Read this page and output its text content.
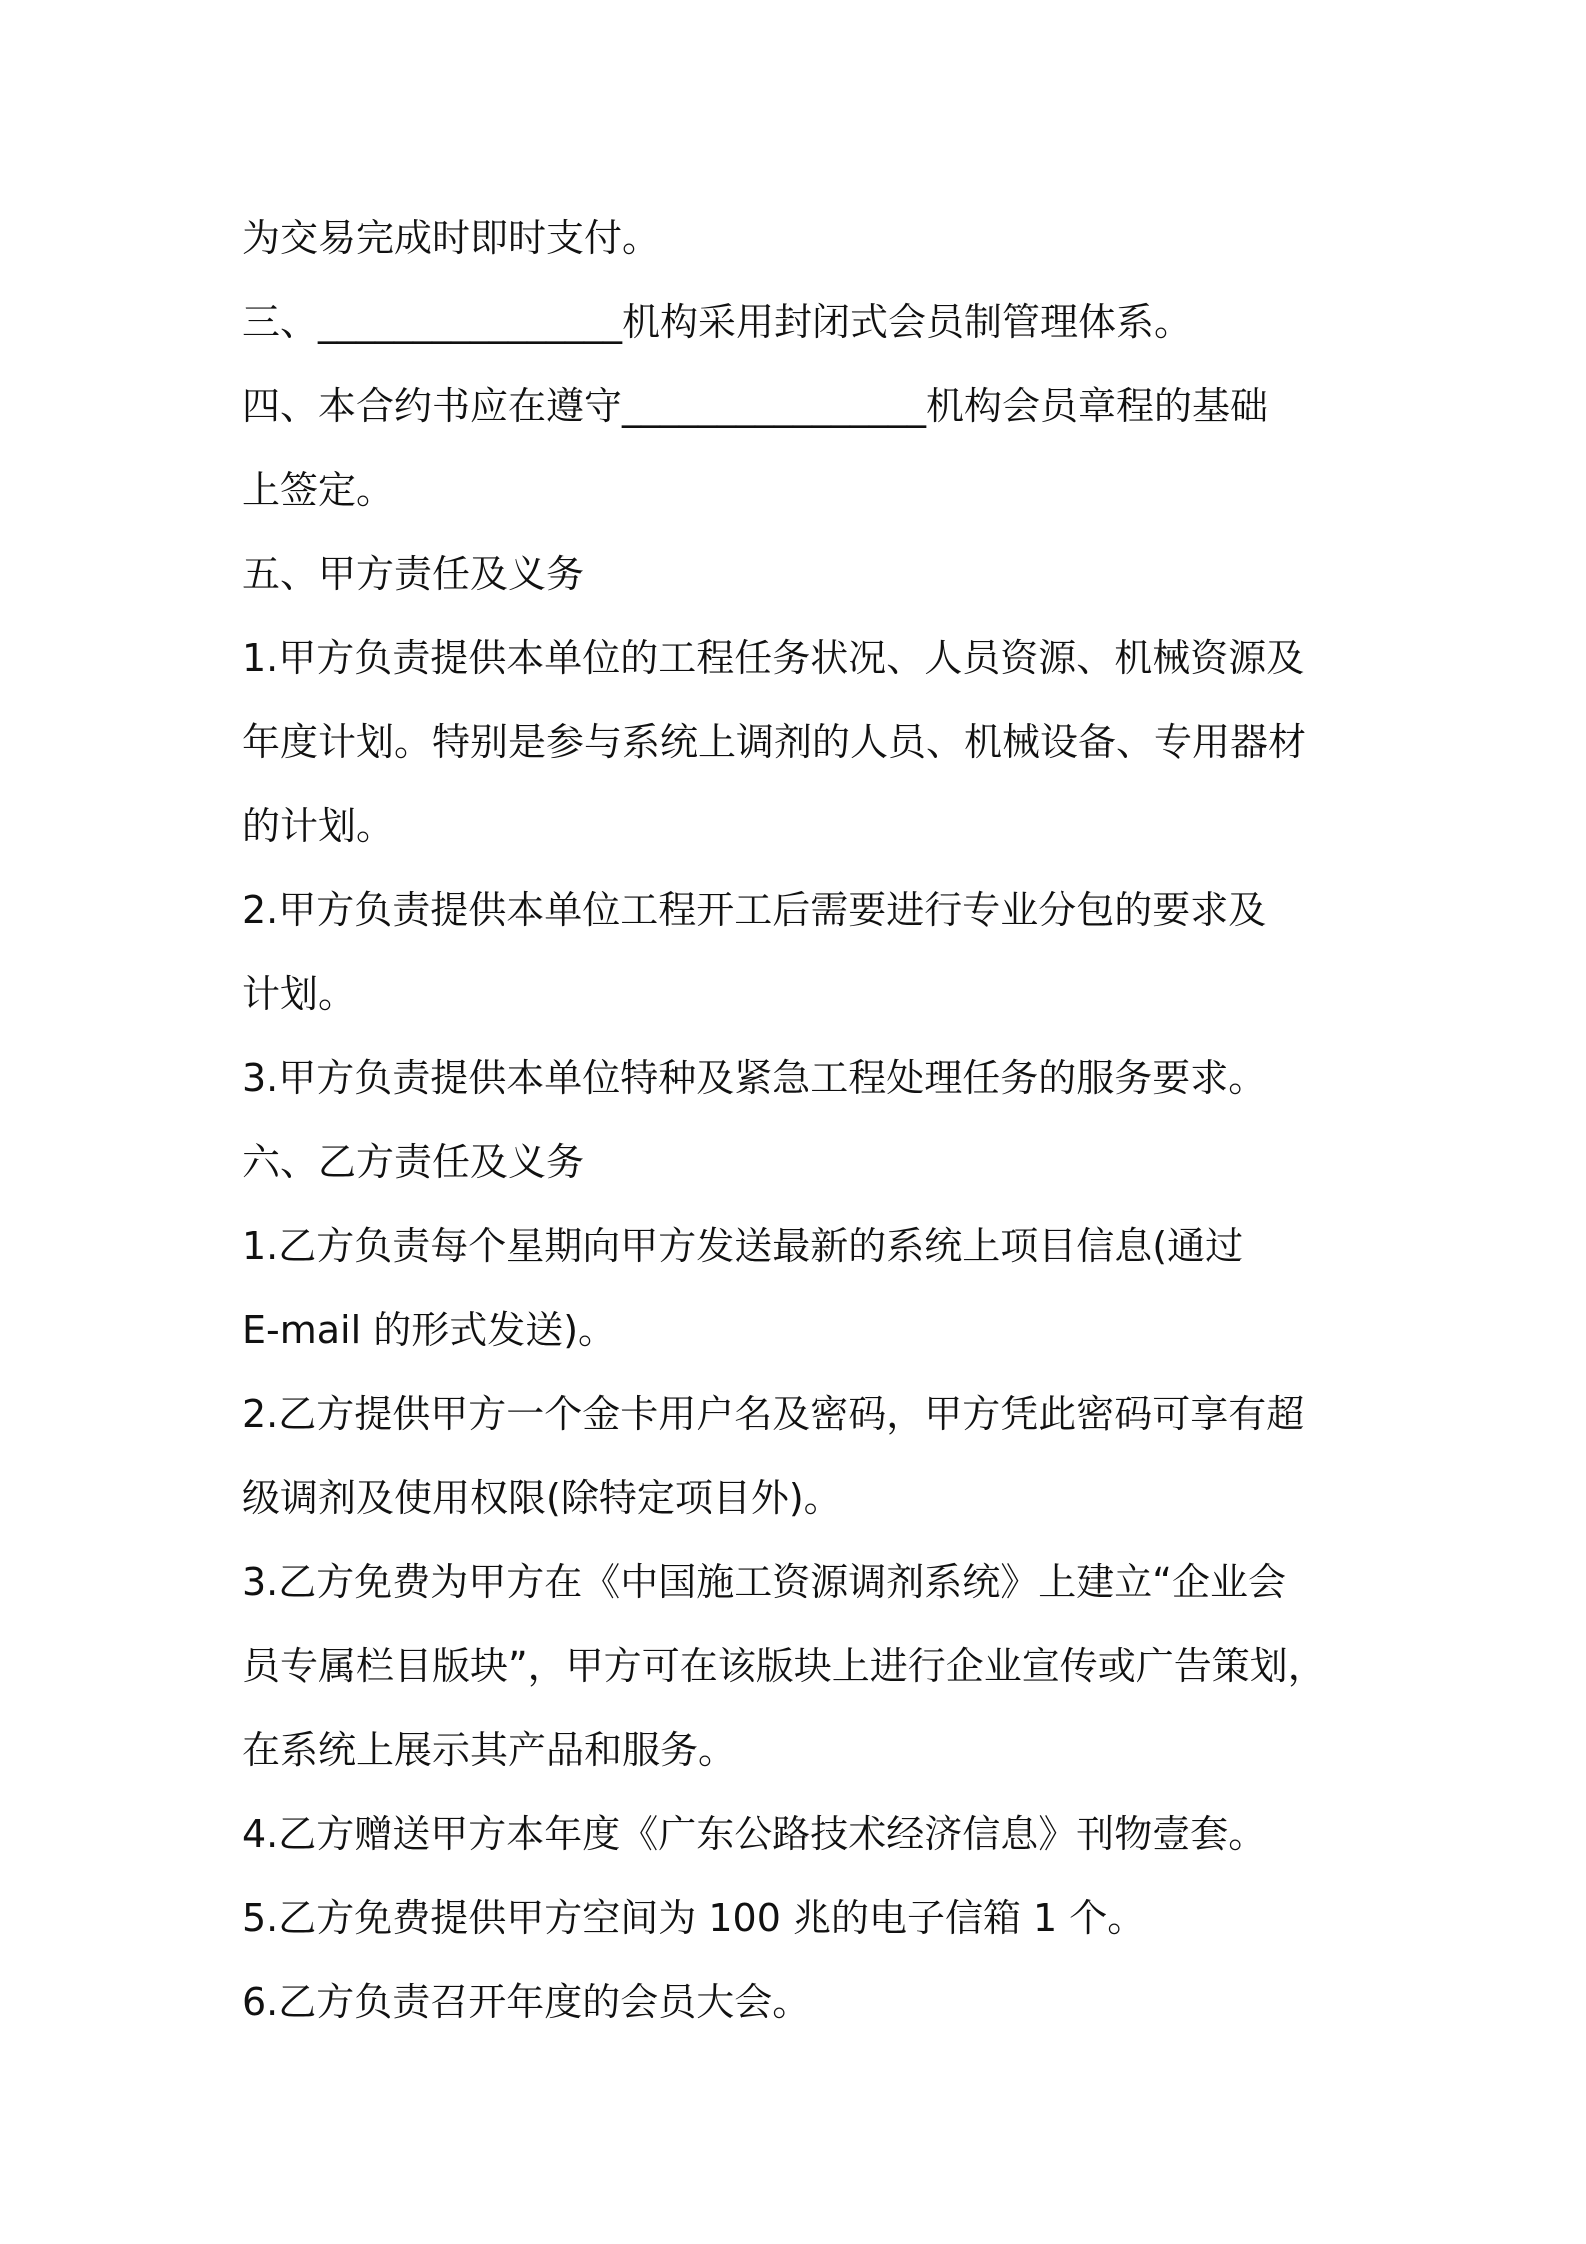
为交易完成时即时支付。
三、________________机构采用封闭式会员制管理体系。
四、本合约书应在遵守________________机构会员章程的基础
上签定。
五、甲方责任及义务
1.甲方负责提供本单位的工程任务状况、人员资源、机械资源及
年度计划。特别是参与系统上调剂的人员、机械设备、专用器材
的计划。
2.甲方负责提供本单位工程开工后需要进行专业分包的要求及
计划。
3.甲方负责提供本单位特种及紧急工程处理任务的服务要求。
六、乙方责任及义务
1.乙方负责每个星期向甲方发送最新的系统上项目信息(通过
E-mail 的形式发送)。
2.乙方提供甲方一个金卡用户名及密码，甲方凭此密码可享有超
级调剂及使用权限(除特定项目外)。
3.乙方免费为甲方在《中国施工资源调剂系统》上建立“企业会
员专属栏目版块”，甲方可在该版块上进行企业宣传或广告策划，
在系统上展示其产品和服务。
4.乙方赠送甲方本年度《广东公路技术经济信息》刊物壹套。
5.乙方免费提供甲方空间为 100 兆的电子信箱 1 个。
6.乙方负责召开年度的会员大会。
